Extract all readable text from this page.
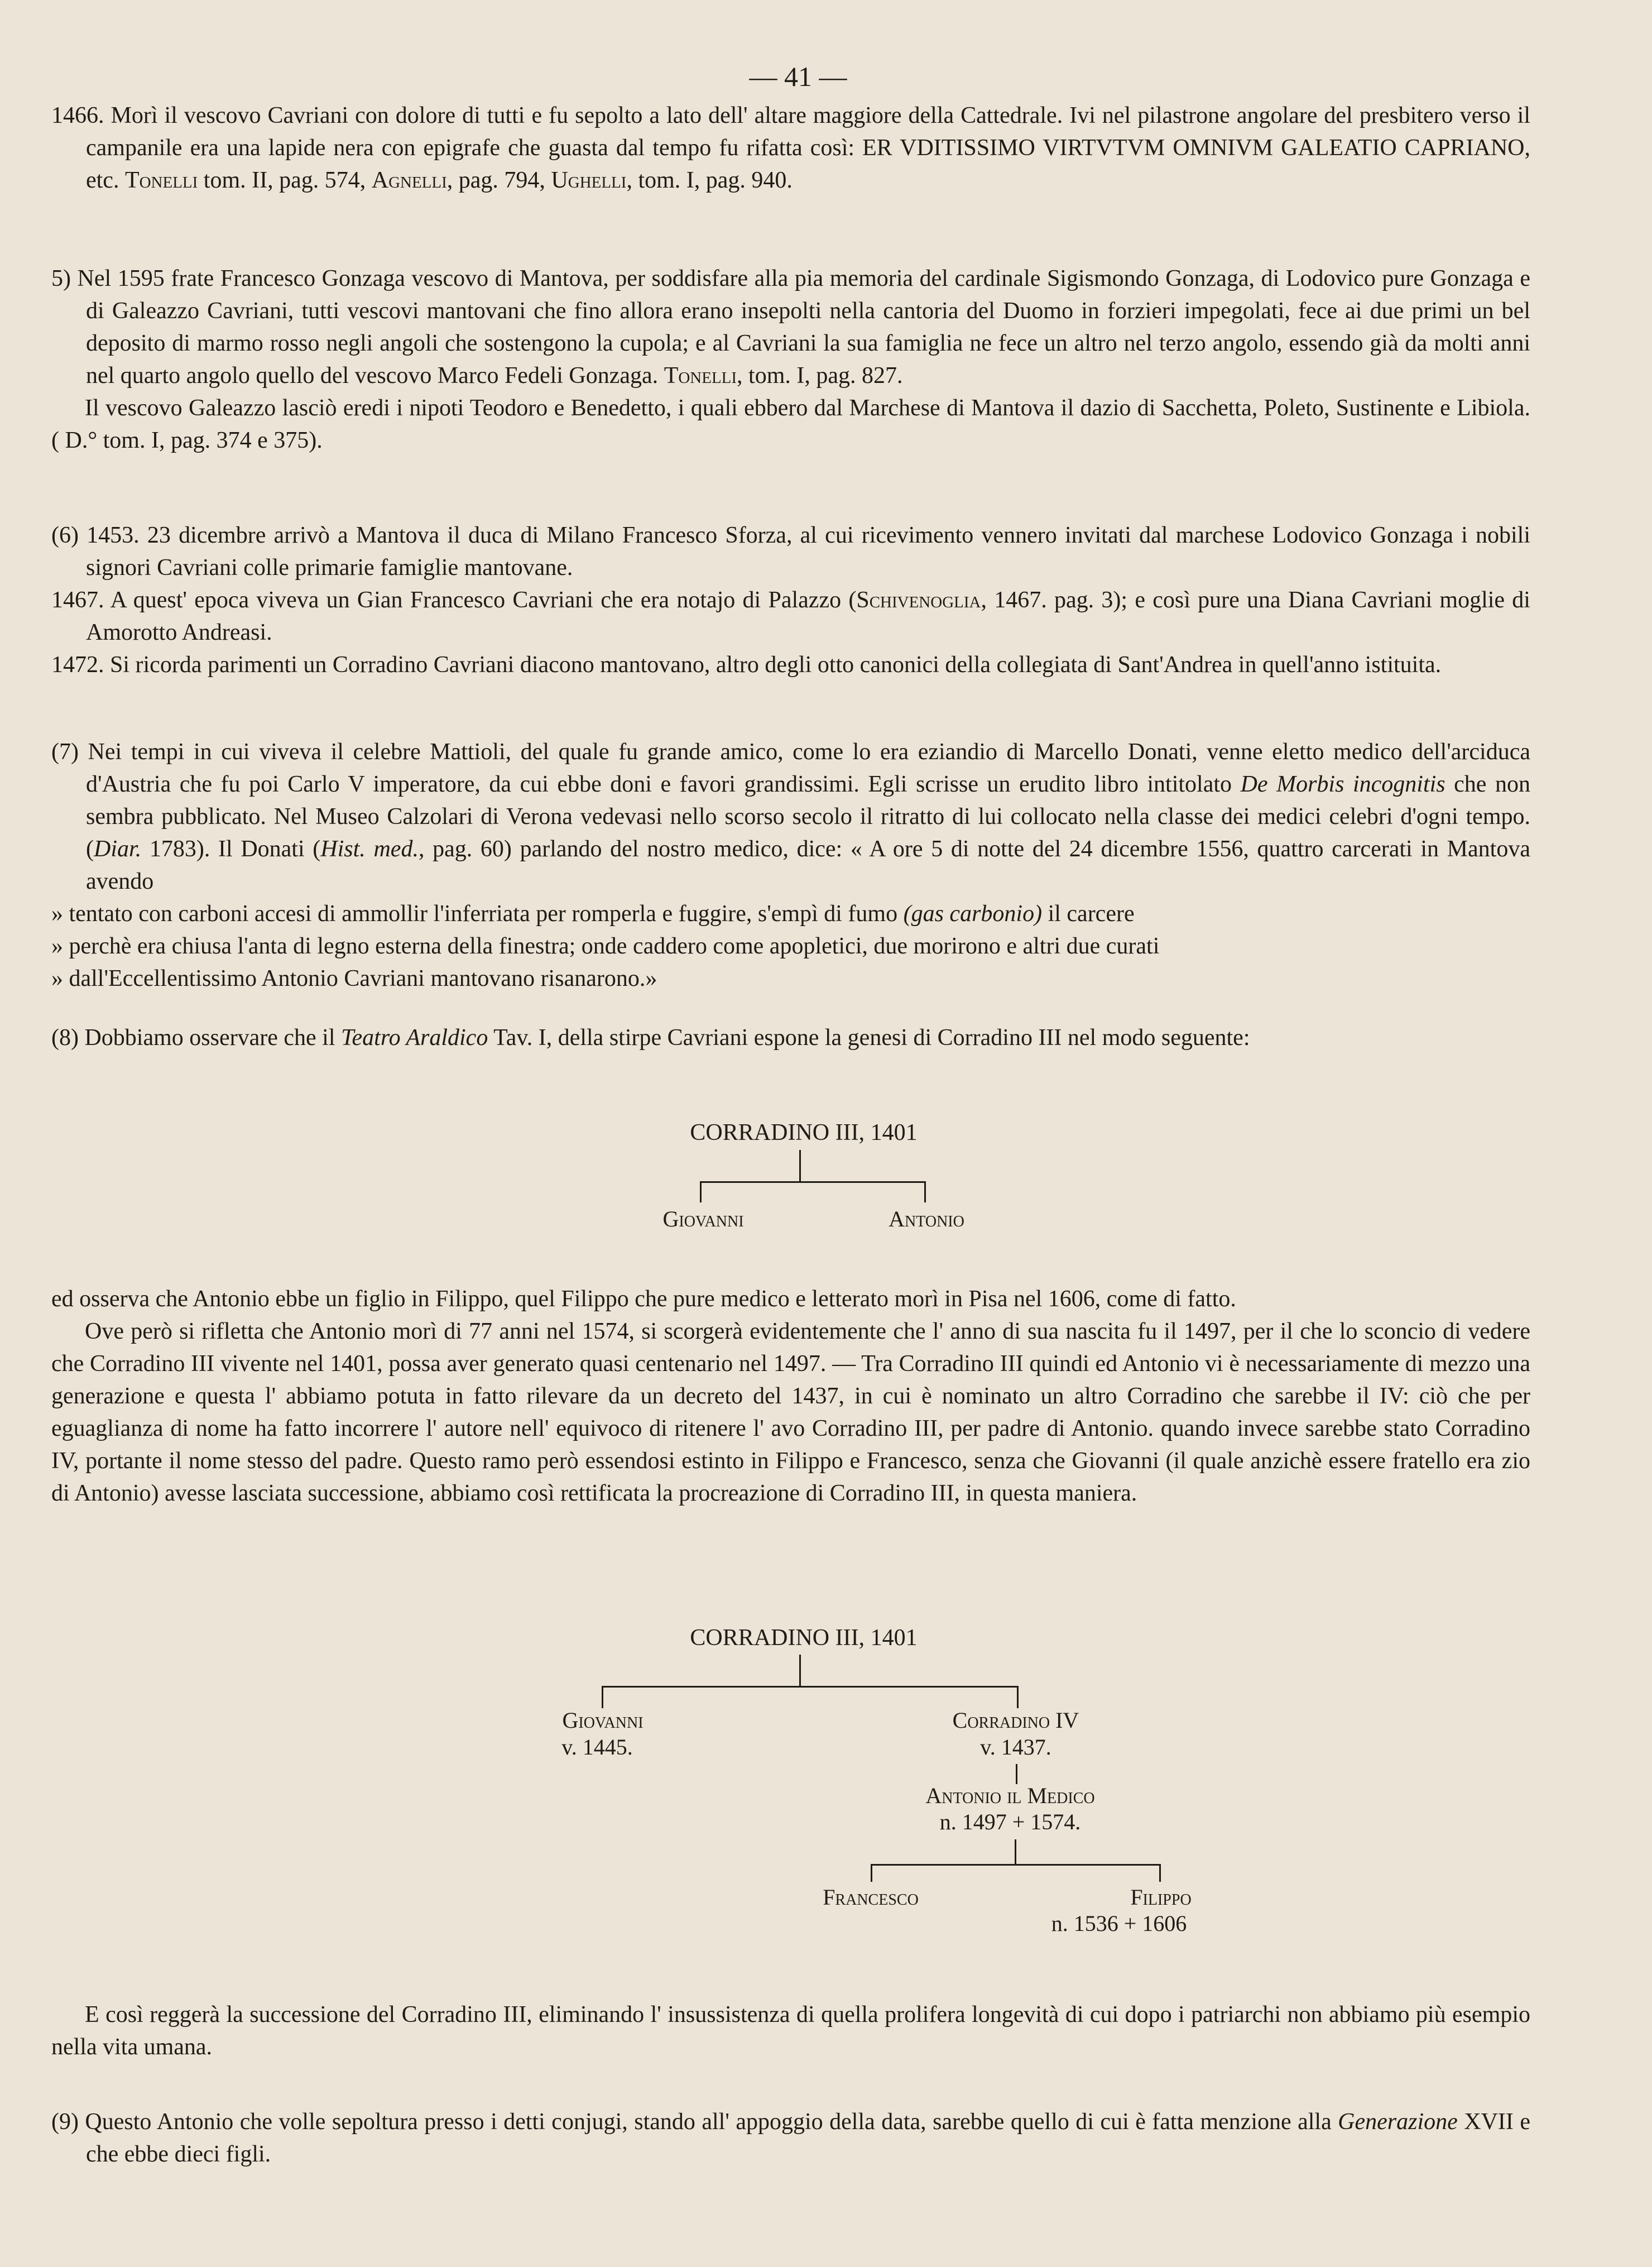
— 41 —

1466. Morì il vescovo Cavriani con dolore di tutti e fu sepolto a lato dell' altare maggiore della Cattedrale. Ivi nel pilastrone angolare del presbitero verso il campanile era una lapide nera con epigrafe che guasta dal tempo fu rifatta così: ER VDITISSIMO VIRTVTVM OMNIVM GALEATIO CAPRIANO, etc. Tonelli tom. II, pag. 574, Agnelli, pag. 794, Ughelli, tom. I, pag. 940.

5) Nel 1595 frate Francesco Gonzaga vescovo di Mantova, per soddisfare alla pia memoria del cardinale Sigismondo Gonzaga, di Lodovico pure Gonzaga e di Galeazzo Cavriani, tutti vescovi mantovani che fino allora erano insepolti nella cantoria del Duomo in forzieri impegolati, fece ai due primi un bel deposito di marmo rosso negli angoli che sostengono la cupola; e al Cavriani la sua famiglia ne fece un altro nel terzo angolo, essendo già da molti anni nel quarto angolo quello del vescovo Marco Fedeli Gonzaga. Tonelli, tom. I, pag. 827.

Il vescovo Galeazzo lasciò eredi i nipoti Teodoro e Benedetto, i quali ebbero dal Marchese di Mantova il dazio di Sacchetta, Poleto, Sustinente e Libiola. ( D.° tom. I, pag. 374 e 375).

(6) 1453. 23 dicembre arrivò a Mantova il duca di Milano Francesco Sforza, al cui ricevimento vennero invitati dal marchese Lodovico Gonzaga i nobili signori Cavriani colle primarie famiglie mantovane.

1467. A quest' epoca viveva un Gian Francesco Cavriani che era notajo di Palazzo (Schivenoglia, 1467. pag. 3); e così pure una Diana Cavriani moglie di Amorotto Andreasi.

1472. Si ricorda parimenti un Corradino Cavriani diacono mantovano, altro degli otto canonici della collegiata di Sant'Andrea in quell'anno istituita.

(7) Nei tempi in cui viveva il celebre Mattioli, del quale fu grande amico, come lo era eziandio di Marcello Donati, venne eletto medico dell'arciduca d'Austria che fu poi Carlo V imperatore, da cui ebbe doni e favori grandissimi. Egli scrisse un erudito libro intitolato De Morbis incognitis che non sembra pubblicato. Nel Museo Calzolari di Verona vedevasi nello scorso secolo il ritratto di lui collocato nella classe dei medici celebri d'ogni tempo. (Diar. 1783). Il Donati (Hist. med., pag. 60) parlando del nostro medico, dice: « A ore 5 di notte del 24 dicembre 1556, quattro carcerati in Mantova avendo

» tentato con carboni accesi di ammollir l'inferriata per romperla e fuggire, s'empì di fumo (gas carbonio) il carcere

» perchè era chiusa l'anta di legno esterna della finestra; onde caddero come apopletici, due morirono e altri due curati

» dall'Eccellentissimo Antonio Cavriani mantovano risanarono.»

(8) Dobbiamo osservare che il Teatro Araldico Tav. I, della stirpe Cavriani espone la genesi di Corradino III nel modo seguente:

CORRADINO III, 1401
Giovanni	Antonio

ed osserva che Antonio ebbe un figlio in Filippo, quel Filippo che pure medico e letterato morì in Pisa nel 1606, come di fatto.

Ove però si rifletta che Antonio morì di 77 anni nel 1574, si scorgerà evidentemente che l' anno di sua nascita fu il 1497, per il che lo sconcio di vedere che Corradino III vivente nel 1401, possa aver generato quasi centenario nel 1497. — Tra Corradino III quindi ed Antonio vi è necessariamente di mezzo una generazione e questa l' abbiamo potuta in fatto rilevare da un decreto del 1437, in cui è nominato un altro Corradino che sarebbe il IV: ciò che per eguaglianza di nome ha fatto incorrere l' autore nell' equivoco di ritenere l' avo Corradino III, per padre di Antonio. quando invece sarebbe stato Corradino IV, portante il nome stesso del padre. Questo ramo però essendosi estinto in Filippo e Francesco, senza che Giovanni (il quale anzichè essere fratello era zio di Antonio) avesse lasciata successione, abbiamo così rettificata la procreazione di Corradino III, in questa maniera.

CORRADINO III, 1401
Giovanni
v. 1445.
Corradino IV
v. 1437.
Antonio il Medico
n. 1497 + 1574.
Francesco	Filippo
n. 1536 + 1606

E così reggerà la successione del Corradino III, eliminando l' insussistenza di quella prolifera longevità di cui dopo i patriarchi non abbiamo più esempio nella vita umana.

(9) Questo Antonio che volle sepoltura presso i detti conjugi, stando all' appoggio della data, sarebbe quello di cui è fatta menzione alla Generazione XVII e che ebbe dieci figli.
